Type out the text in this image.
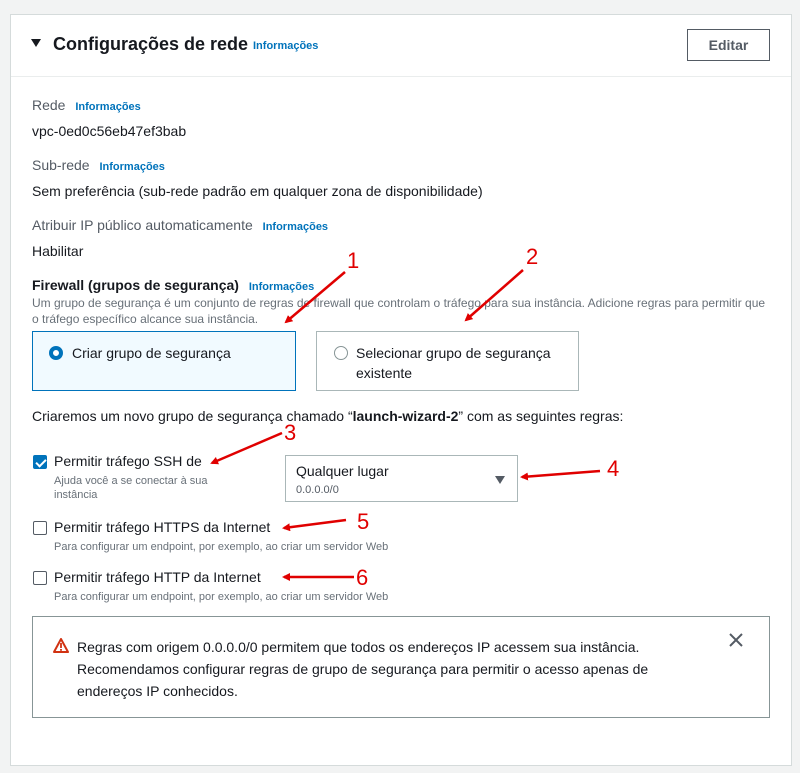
Configurações de rede Informações	Editar
Rede Informações
vpc-0ed0c56eb47ef3bab
Sub-rede Informações
Sem preferência (sub-rede padrão em qualquer zona de disponibilidade)
Atribuir IP público automaticamente Informações
Habilitar
Firewall (grupos de segurança) Informações
Um grupo de segurança é um conjunto de regras de firewall que controlam o tráfego para sua instância. Adicione regras para permitir que o tráfego específico alcance sua instância.
Criar grupo de segurança	Selecionar grupo de segurança existente
Criaremos um novo grupo de segurança chamado “launch-wizard-2” com as seguintes regras:
Permitir tráfego SSH de
Ajuda você a se conectar à sua instância
Qualquer lugar
0.0.0.0/0
Permitir tráfego HTTPS da Internet
Para configurar um endpoint, por exemplo, ao criar um servidor Web
Permitir tráfego HTTP da Internet
Para configurar um endpoint, por exemplo, ao criar um servidor Web
Regras com origem 0.0.0.0/0 permitem que todos os endereços IP acessem sua instância. Recomendamos configurar regras de grupo de segurança para permitir o acesso apenas de endereços IP conhecidos.
1	2
3
4
5
6
